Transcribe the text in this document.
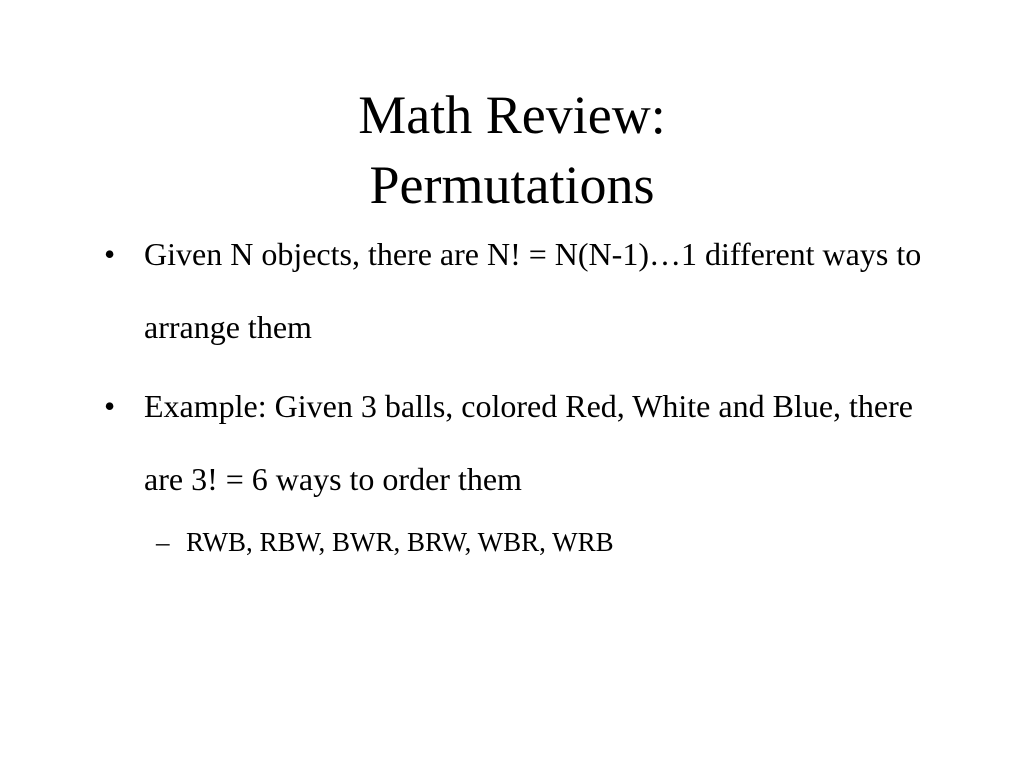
Math Review:
Permutations
• Given N objects, there are N! = N(N-1)…1 different ways to arrange them
• Example: Given 3 balls, colored Red, White and Blue, there are 3! = 6 ways to order them
– RWB, RBW, BWR, BRW, WBR, WRB
